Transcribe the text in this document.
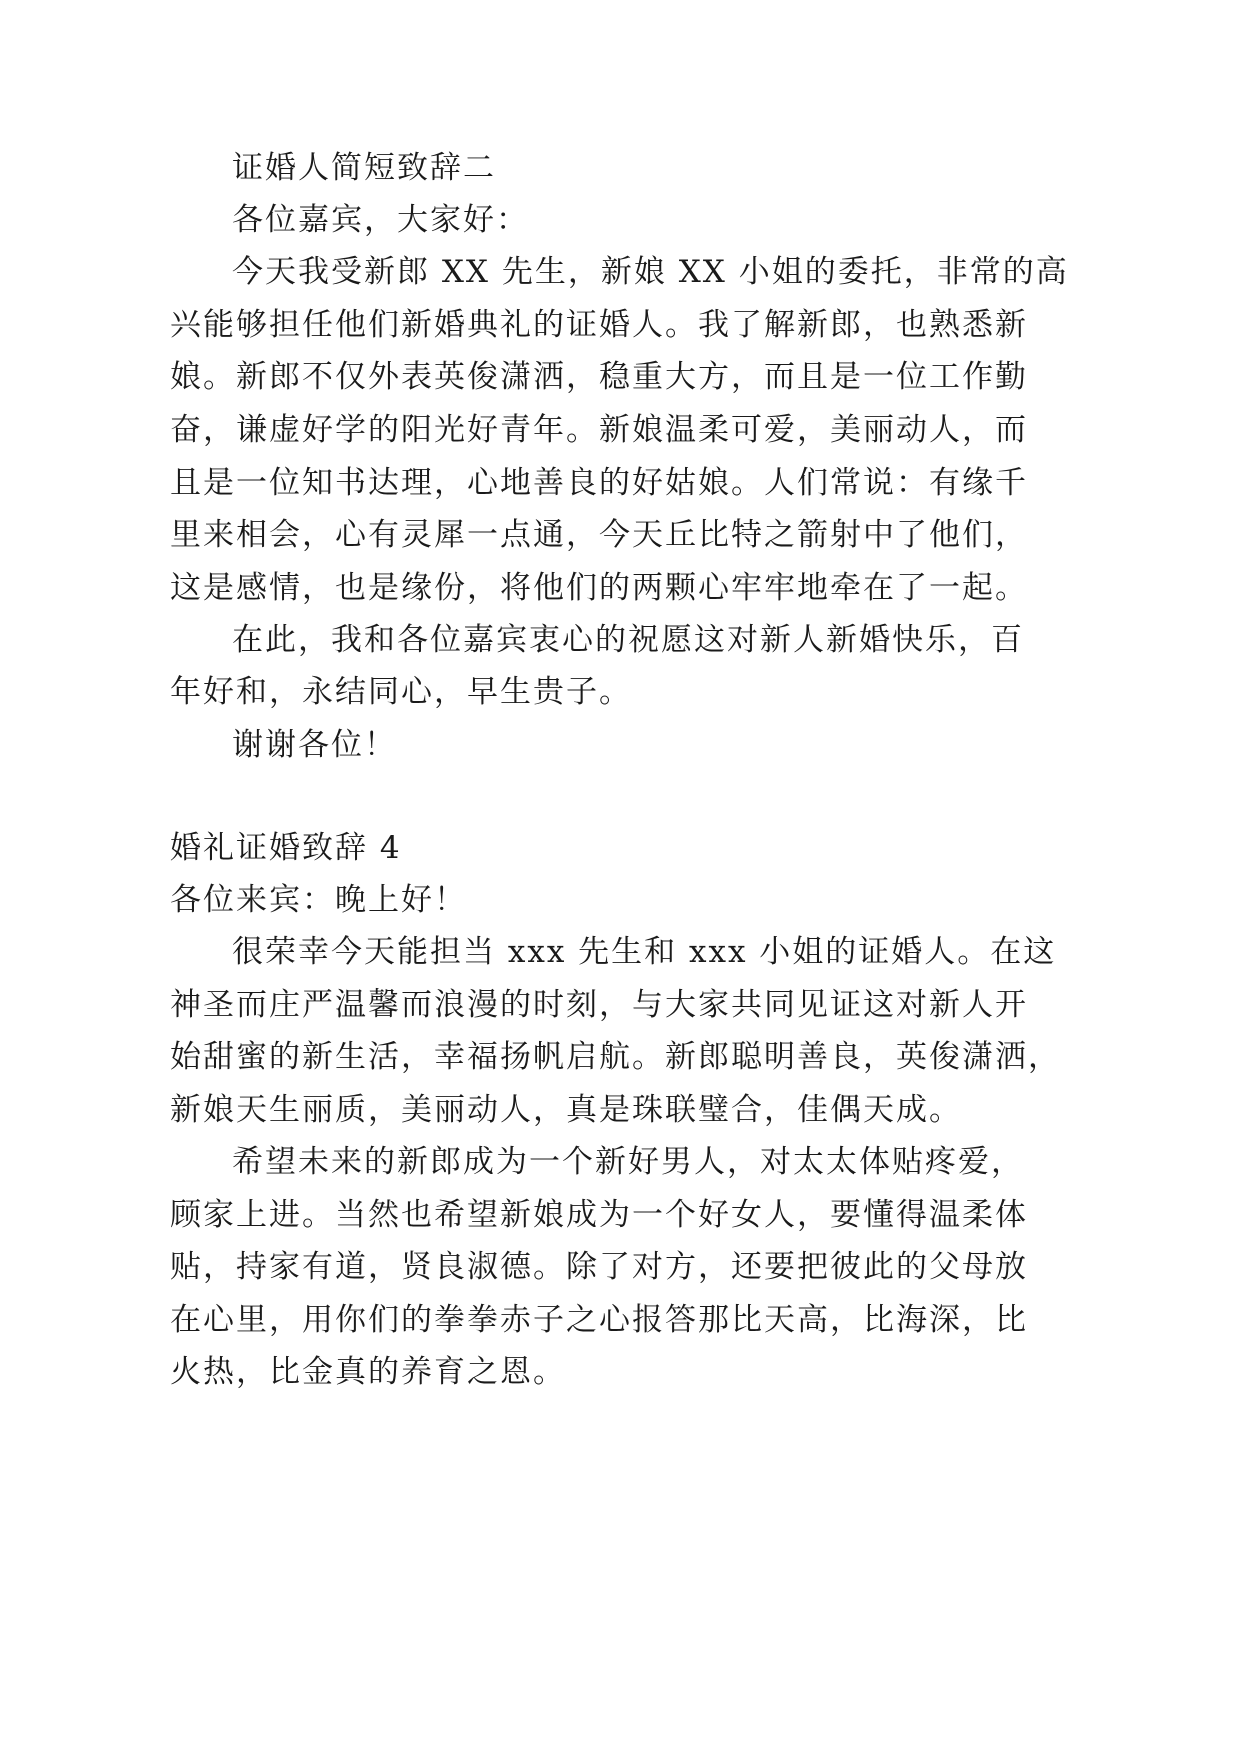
证婚人简短致辞二
各位嘉宾，大家好：
今天我受新郎 XX 先生，新娘 XX 小姐的委托，非常的高
兴能够担任他们新婚典礼的证婚人。我了解新郎，也熟悉新
娘。新郎不仅外表英俊潇洒，稳重大方，而且是一位工作勤
奋，谦虚好学的阳光好青年。新娘温柔可爱，美丽动人，而
且是一位知书达理，心地善良的好姑娘。人们常说：有缘千
里来相会，心有灵犀一点通，今天丘比特之箭射中了他们，
这是感情，也是缘份，将他们的两颗心牢牢地牵在了一起。
在此，我和各位嘉宾衷心的祝愿这对新人新婚快乐，百
年好和，永结同心，早生贵子。
谢谢各位！
婚礼证婚致辞 4
各位来宾：晚上好！
很荣幸今天能担当 xxx 先生和 xxx 小姐的证婚人。在这
神圣而庄严温馨而浪漫的时刻，与大家共同见证这对新人开
始甜蜜的新生活，幸福扬帆启航。新郎聪明善良，英俊潇洒，
新娘天生丽质，美丽动人，真是珠联璧合，佳偶天成。
希望未来的新郎成为一个新好男人，对太太体贴疼爱，
顾家上进。当然也希望新娘成为一个好女人，要懂得温柔体
贴，持家有道，贤良淑德。除了对方，还要把彼此的父母放
在心里，用你们的拳拳赤子之心报答那比天高，比海深，比
火热，比金真的养育之恩。
